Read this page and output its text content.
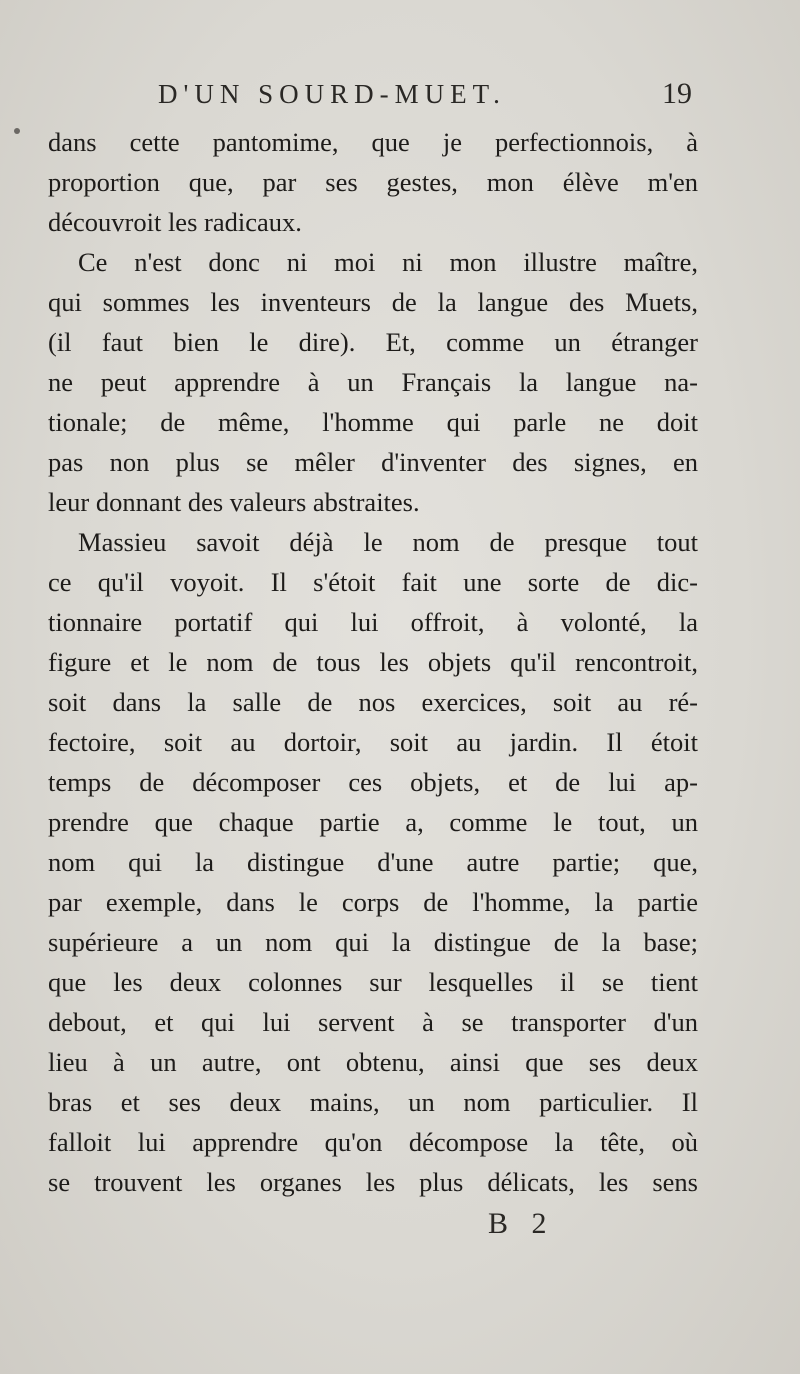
D'UN SOURD-MUET.	19
dans cette pantomime, que je perfectionnois, à
proportion que, par ses gestes, mon élève m'en
découvroit les radicaux.
Ce n'est donc ni moi ni mon illustre maître,
qui sommes les inventeurs de la langue des Muets,
(il faut bien le dire). Et, comme un étranger
ne peut apprendre à un Français la langue na-
tionale; de même, l'homme qui parle ne doit
pas non plus se mêler d'inventer des signes, en
leur donnant des valeurs abstraites.
Massieu savoit déjà le nom de presque tout
ce qu'il voyoit. Il s'étoit fait une sorte de dic-
tionnaire portatif qui lui offroit, à volonté, la
figure et le nom de tous les objets qu'il rencontroit,
soit dans la salle de nos exercices, soit au ré-
fectoire, soit au dortoir, soit au jardin. Il étoit
temps de décomposer ces objets, et de lui ap-
prendre que chaque partie a, comme le tout, un
nom qui la distingue d'une autre partie; que,
par exemple, dans le corps de l'homme, la partie
supérieure a un nom qui la distingue de la base;
que les deux colonnes sur lesquelles il se tient
debout, et qui lui servent à se transporter d'un
lieu à un autre, ont obtenu, ainsi que ses deux
bras et ses deux mains, un nom particulier. Il
falloit lui apprendre qu'on décompose la tête, où
se trouvent les organes les plus délicats, les sens
B 2
